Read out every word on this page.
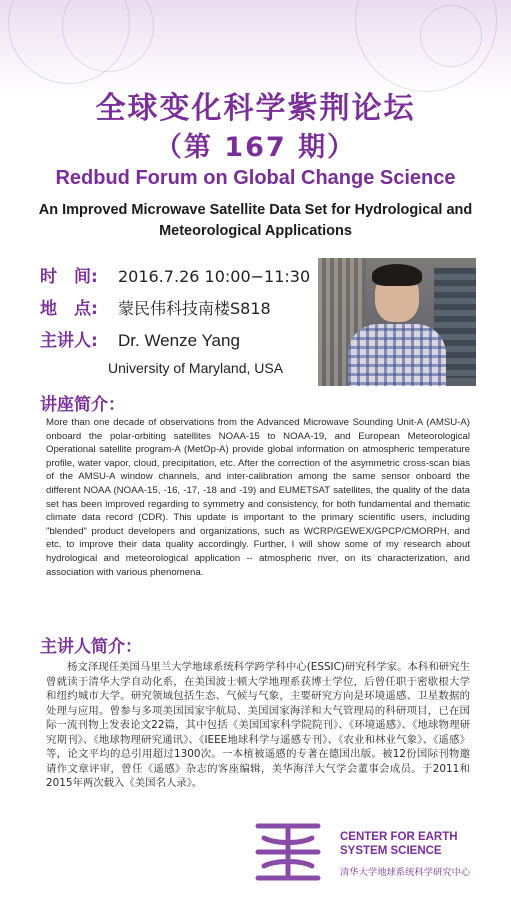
全球变化科学紫荆论坛
（第 167 期）
Redbud Forum on Global Change Science
An Improved Microwave Satellite Data Set for Hydrological and Meteorological Applications
时　间: 2016.7.26 10:00−11:30
地　点: 蒙民伟科技南楼S818
主讲人: Dr. Wenze Yang
University of Maryland, USA
讲座简介：
More than one decade of observations from the Advanced Microwave Sounding Unit-A (AMSU-A) onboard the polar-orbiting satellites NOAA-15 to NOAA-19, and European Meteorological Operational satellite program-A (MetOp-A) provide global information on atmospheric temperature profile, water vapor, cloud, precipitation, etc. After the correction of the asymmetric cross-scan bias of the AMSU-A window channels, and inter-calibration among the same sensor onboard the different NOAA (NOAA-15, -16, -17, -18 and -19) and EUMETSAT satellites, the quality of the data set has been improved regarding to symmetry and consistency, for both fundamental and thematic climate data record (CDR). This update is important to the primary scientific users, including "blended" product developers and organizations, such as WCRP/GEWEX/GPCP/CMORPH, and etc, to improve their data quality accordingly. Further, I will show some of my research about hydrological and meteorological application -- atmospheric river, on its characterization, and association with various phenomena.
主讲人简介：
杨文泽现任美国马里兰大学地球系统科学跨学科中心(ESSIC)研究科学家。本科和研究生曾就读于清华大学自动化系，在美国波士顿大学地理系获博士学位，后曾任职于密歇根大学和纽约城市大学。研究领域包括生态、气候与气象，主要研究方向是环境遥感、卫星数据的处理与应用。曾参与多项美国国家宇航局、美国国家海洋和大气管理局的科研项目，已在国际一流刊物上发表论文22篇，其中包括《美国国家科学院院刊》、《环境遥感》、《地球物理研究期刊》、《地球物理研究通讯》、《IEEE地球科学与遥感专刊》、《农业和林业气象》、《遥感》等，论文平均的总引用超过1300次。一本植被遥感的专著在德国出版。被12份国际刊物邀请作文章评审，曾任《遥感》杂志的客座编辑，美华海洋大气学会董事会成员。于2011和2015年两次载入《美国名人录》。
CENTER FOR EARTH
SYSTEM SCIENCE
清华大学地球系统科学研究中心
